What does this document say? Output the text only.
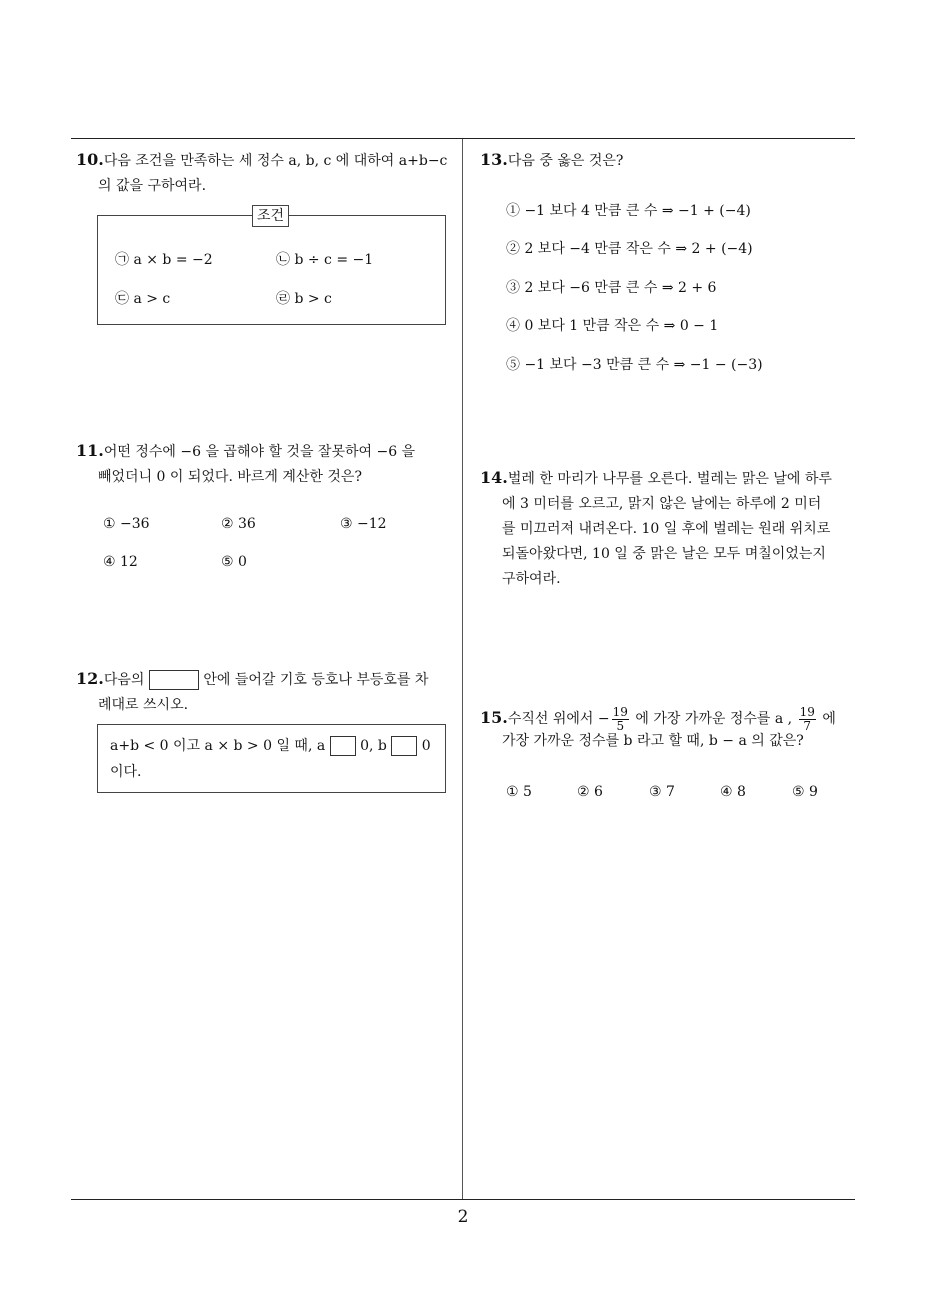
10.다음 조건을 만족하는 세 정수 a, b, c 에 대하여 a+b−c
의 값을 구하여라.
조건
㉠ a × b = −2	㉡ b ÷ c = −1
㉢ a > c	㉣ b > c
11.어떤 정수에 −6 을 곱해야 할 것을 잘못하여 −6 을
빼었더니 0 이 되었다. 바르게 계산한 것은?
① −36	② 36	③ −12
④ 12	⑤ 0
12.다음의	안에 들어갈 기호 등호나 부등호를 차
례대로 쓰시오.
a+b < 0 이고 a × b > 0 일 때, a 0, b 0
이다.
13.다음 중 옳은 것은?
① −1 보다 4 만큼 큰 수 ⇒ −1 + (−4)
② 2 보다 −4 만큼 작은 수 ⇒ 2 + (−4)
③ 2 보다 −6 만큼 큰 수 ⇒ 2 + 6
④ 0 보다 1 만큼 작은 수 ⇒ 0 − 1
⑤ −1 보다 −3 만큼 큰 수 ⇒ −1 − (−3)
14.벌레 한 마리가 나무를 오른다. 벌레는 맑은 날에 하루
에 3 미터를 오르고, 맑지 않은 날에는 하루에 2 미터
를 미끄러져 내려온다. 10 일 후에 벌레는 원래 위치로
되돌아왔다면, 10 일 중 맑은 날은 모두 며칠이었는지
구하여라.
15.수직선 위에서 − $\frac{19}{5}$ 에 가장 가까운 정수를 a , $\frac{19}{7}$ 에
가장 가까운 정수를 b 라고 할 때, b − a 의 값은?
① 5	② 6	③ 7	④ 8	⑤ 9
2
